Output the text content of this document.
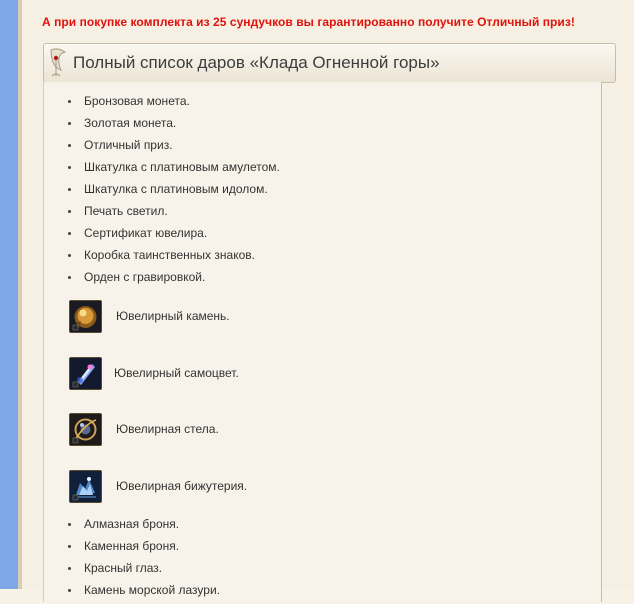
А при покупке комплекта из 25 сундучков вы гарантированно получите Отличный приз!
Полный список даров «Клада Огненной горы»
Бронзовая монета.
Золотая монета.
Отличный приз.
Шкатулка с платиновым амулетом.
Шкатулка с платиновым идолом.
Печать светил.
Сертификат ювелира.
Коробка таинственных знаков.
Орден с гравировкой.
Ювелирный камень.
Ювелирный самоцвет.
Ювелирная стела.
Ювелирная бижутерия.
Алмазная броня.
Каменная броня.
Красный глаз.
Камень морской лазури.
